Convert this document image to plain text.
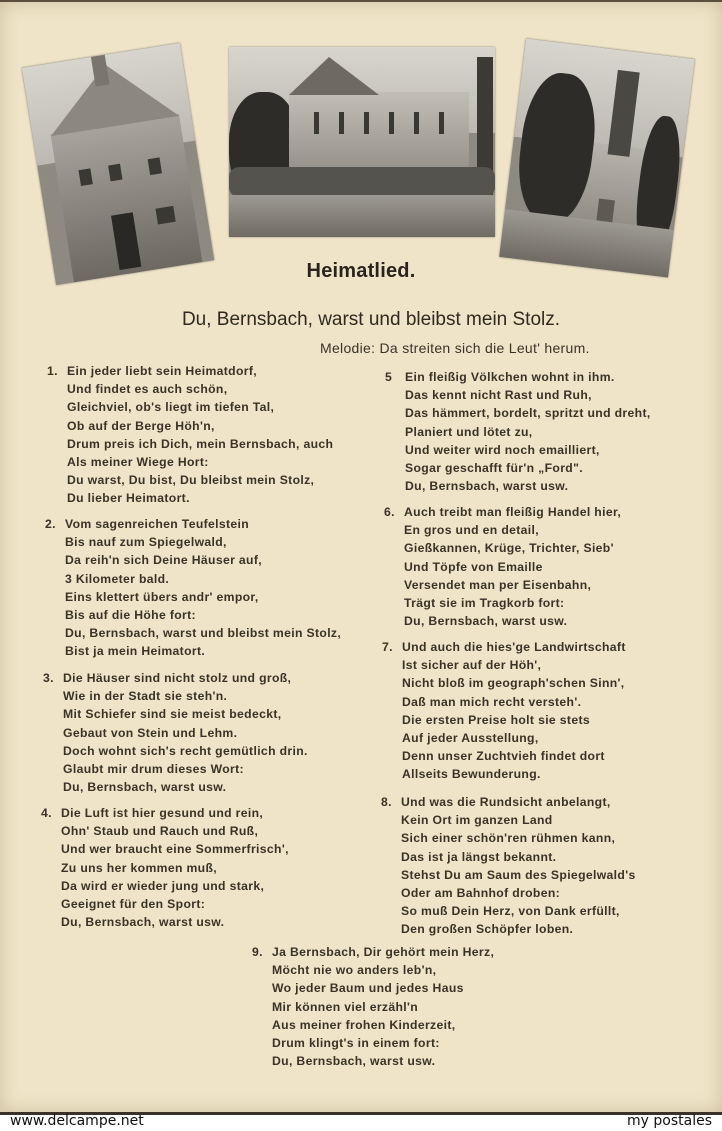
Heimatlied.
Du, Bernsbach, warst und bleibst mein Stolz.
Melodie: Da streiten sich die Leut' herum.
1. Ein jeder liebt sein Heimatdorf,
Und findet es auch schön,
Gleichviel, ob's liegt im tiefen Tal,
Ob auf der Berge Höh'n,
Drum preis ich Dich, mein Bernsbach, auch
Als meiner Wiege Hort:
Du warst, Du bist, Du bleibst mein Stolz,
Du lieber Heimatort.
2. Vom sagenreichen Teufelstein
Bis nauf zum Spiegelwald,
Da reih'n sich Deine Häuser auf,
3 Kilometer bald.
Eins klettert übers andr' empor,
Bis auf die Höhe fort:
Du, Bernsbach, warst und bleibst mein Stolz,
Bist ja mein Heimatort.
3. Die Häuser sind nicht stolz und groß,
Wie in der Stadt sie steh'n.
Mit Schiefer sind sie meist bedeckt,
Gebaut von Stein und Lehm.
Doch wohnt sich's recht gemütlich drin.
Glaubt mir drum dieses Wort:
Du, Bernsbach, warst usw.
4. Die Luft ist hier gesund und rein,
Ohn' Staub und Rauch und Ruß,
Und wer braucht eine Sommerfrisch',
Zu uns her kommen muß,
Da wird er wieder jung und stark,
Geeignet für den Sport:
Du, Bernsbach, warst usw.
5 Ein fleißig Völkchen wohnt in ihm.
Das kennt nicht Rast und Ruh,
Das hämmert, bordelt, spritzt und dreht,
Planiert und lötet zu,
Und weiter wird noch emailliert,
Sogar geschafft für'n „Ford".
Du, Bernsbach, warst usw.
6. Auch treibt man fleißig Handel hier,
En gros und en detail,
Gießkannen, Krüge, Trichter, Sieb'
Und Töpfe von Emaille
Versendet man per Eisenbahn,
Trägt sie im Tragkorb fort:
Du, Bernsbach, warst usw.
7. Und auch die hies'ge Landwirtschaft
Ist sicher auf der Höh',
Nicht bloß im geograph'schen Sinn',
Daß man mich recht versteh'.
Die ersten Preise holt sie stets
Auf jeder Ausstellung,
Denn unser Zuchtvieh findet dort
Allseits Bewunderung.
8. Und was die Rundsicht anbelangt,
Kein Ort im ganzen Land
Sich einer schön'ren rühmen kann,
Das ist ja längst bekannt.
Stehst Du am Saum des Spiegelwald's
Oder am Bahnhof droben:
So muß Dein Herz, von Dank erfüllt,
Den großen Schöpfer loben.
9. Ja Bernsbach, Dir gehört mein Herz,
Möcht nie wo anders leb'n,
Wo jeder Baum und jedes Haus
Mir können viel erzähl'n
Aus meiner frohen Kinderzeit,
Drum klingt's in einem fort:
Du, Bernsbach, warst usw.
www.delcampe.net	my postales
